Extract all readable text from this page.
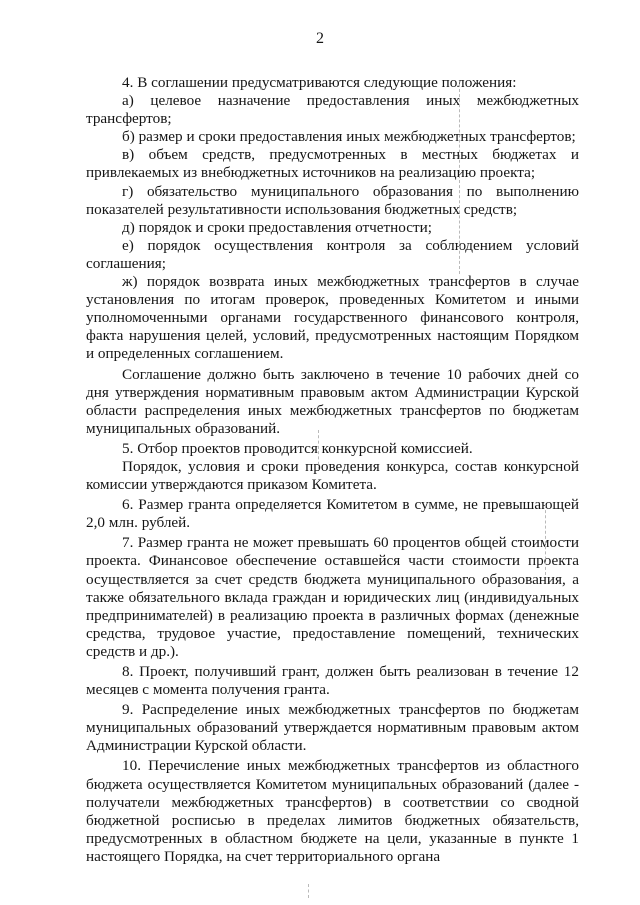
2

4. В соглашении предусматриваются следующие положения:

а) целевое назначение предоставления иных межбюджетных трансфертов;

б) размер и сроки предоставления иных межбюджетных трансфертов;

в) объем средств, предусмотренных в местных бюджетах и привлекаемых из внебюджетных источников на реализацию проекта;

г) обязательство муниципального образования по выполнению показателей результативности использования бюджетных средств;

д) порядок и сроки предоставления отчетности;

е) порядок осуществления контроля за соблюдением условий соглашения;

ж) порядок возврата иных межбюджетных трансфертов в случае установления по итогам проверок, проведенных Комитетом и иными уполномоченными органами государственного финансового контроля, факта нарушения целей, условий, предусмотренных настоящим Порядком и определенных соглашением.

Соглашение должно быть заключено в течение 10 рабочих дней со дня утверждения нормативным правовым актом Администрации Курской области распределения иных межбюджетных трансфертов по бюджетам муниципальных образований.

5. Отбор проектов проводится конкурсной комиссией.

Порядок, условия и сроки проведения конкурса, состав конкурсной комиссии утверждаются приказом Комитета.

6. Размер гранта определяется Комитетом в сумме, не превышающей 2,0 млн. рублей.

7. Размер гранта не может превышать 60 процентов общей стоимости проекта. Финансовое обеспечение оставшейся части стоимости проекта осуществляется за счет средств бюджета муниципального образования, а также обязательного вклада граждан и юридических лиц (индивидуальных предпринимателей) в реализацию проекта в различных формах (денежные средства, трудовое участие, предоставление помещений, технических средств и др.).

8. Проект, получивший грант, должен быть реализован в течение 12 месяцев с момента получения гранта.

9. Распределение иных межбюджетных трансфертов по бюджетам муниципальных образований утверждается нормативным правовым актом Администрации Курской области.

10. Перечисление иных межбюджетных трансфертов из областного бюджета осуществляется Комитетом муниципальных образований (далее - получатели межбюджетных трансфертов) в соответствии со сводной бюджетной росписью в пределах лимитов бюджетных обязательств, предусмотренных в областном бюджете на цели, указанные в пункте 1 настоящего Порядка, на счет территориального органа
